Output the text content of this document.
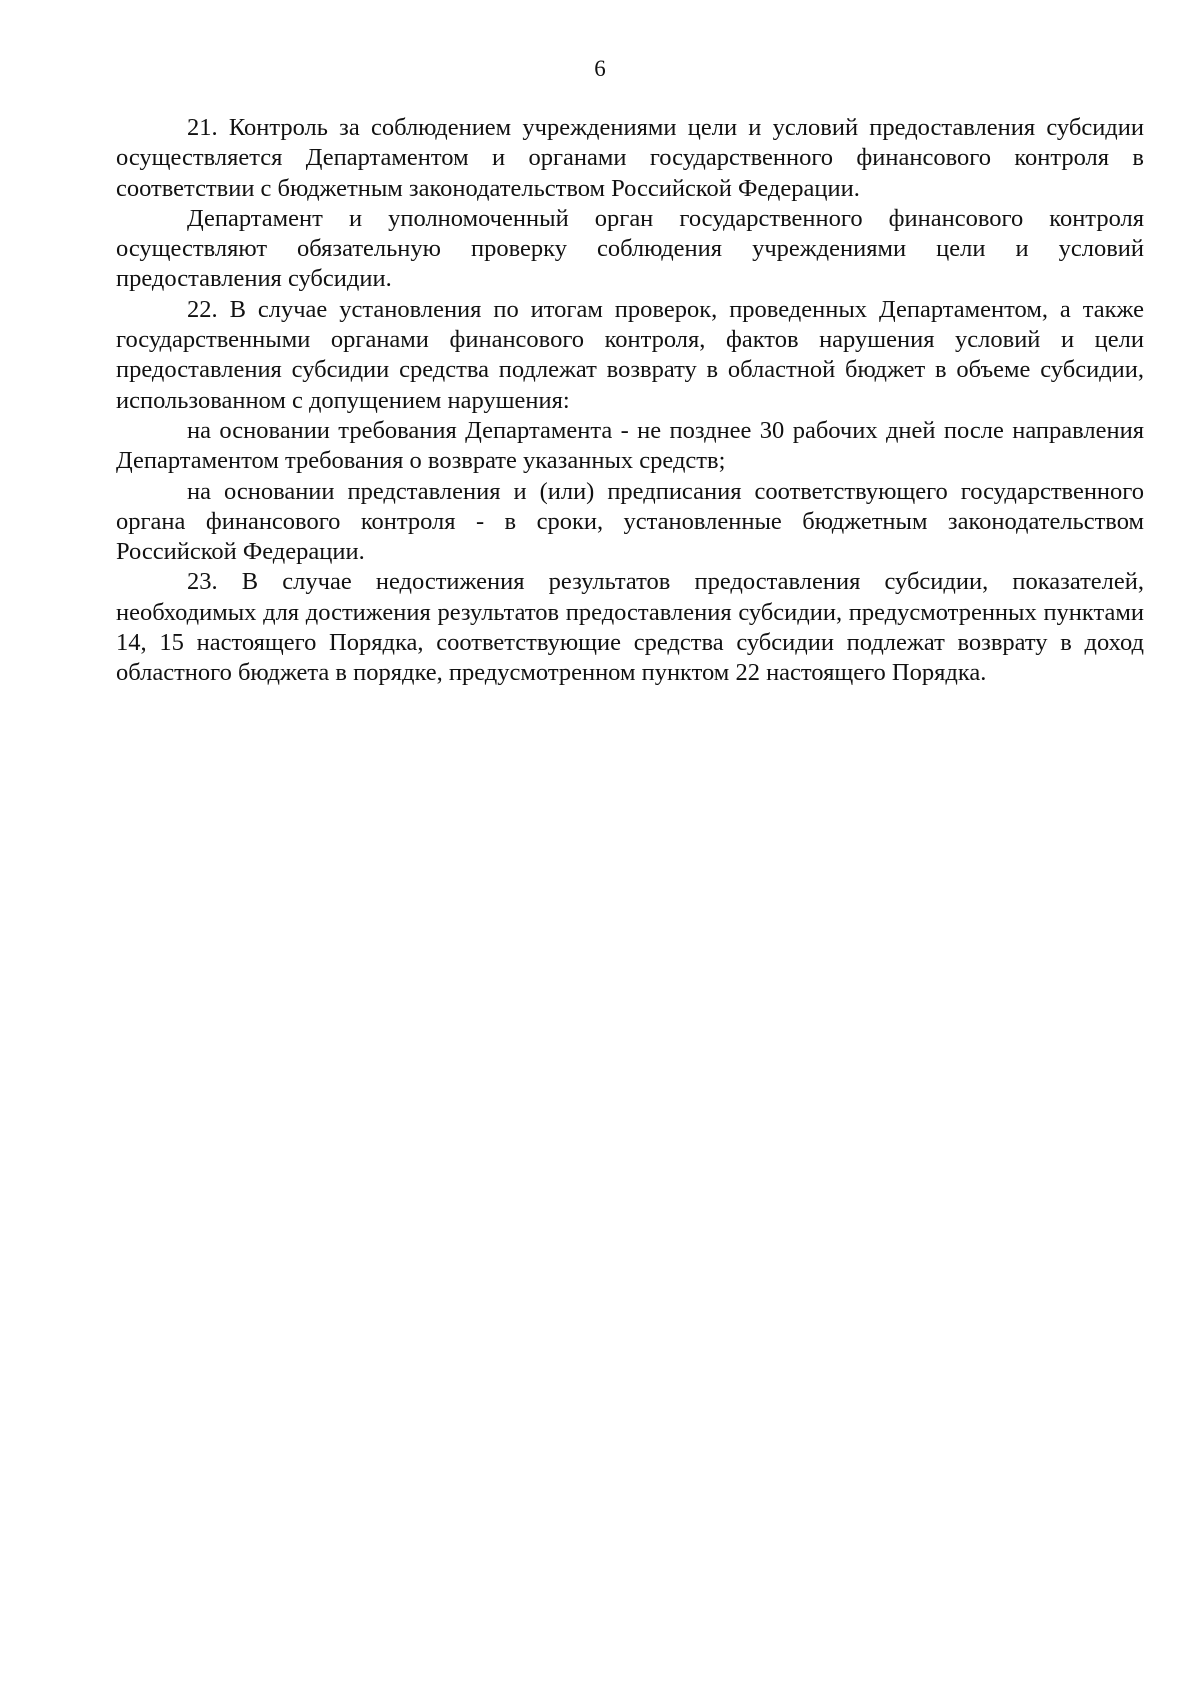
6

21. Контроль за соблюдением учреждениями цели и условий предоставления субсидии осуществляется Департаментом и органами государственного финансового контроля в соответствии с бюджетным законодательством Российской Федерации.

Департамент и уполномоченный орган государственного финансового контроля осуществляют обязательную проверку соблюдения учреждениями цели и условий предоставления субсидии.

22. В случае установления по итогам проверок, проведенных Департаментом, а также государственными органами финансового контроля, фактов нарушения условий и цели предоставления субсидии средства подлежат возврату в областной бюджет в объеме субсидии, использованном с допущением нарушения:

на основании требования Департамента - не позднее 30 рабочих дней после направления Департаментом требования о возврате указанных средств;

на основании представления и (или) предписания соответствующего государственного органа финансового контроля - в сроки, установленные бюджетным законодательством Российской Федерации.

23. В случае недостижения результатов предоставления субсидии, показателей, необходимых для достижения результатов предоставления субсидии, предусмотренных пунктами 14, 15 настоящего Порядка, соответствующие средства субсидии подлежат возврату в доход областного бюджета в порядке, предусмотренном пунктом 22 настоящего Порядка.
